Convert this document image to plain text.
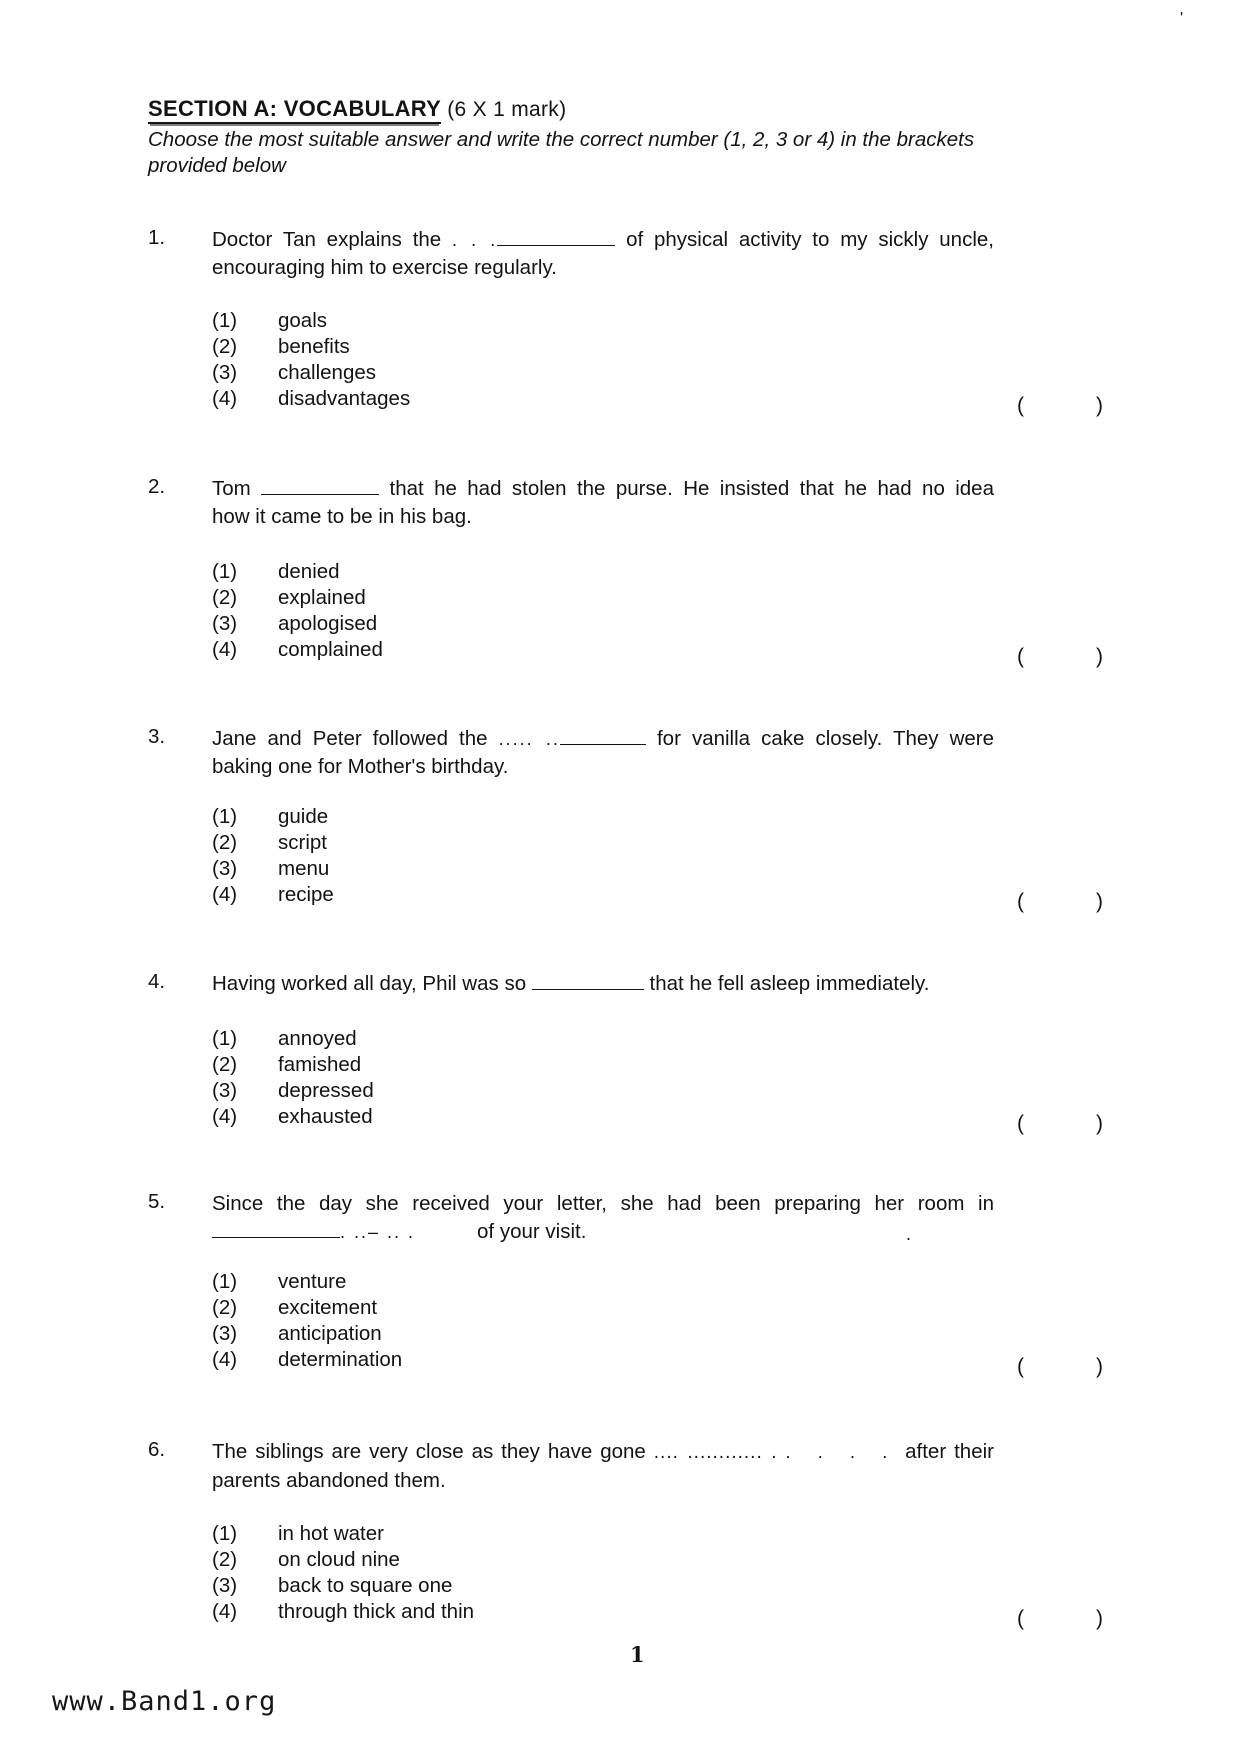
'
SECTION A: VOCABULARY (6 X 1 mark)
Choose the most suitable answer and write the correct number (1, 2, 3 or 4) in the brackets
provided below
1. Doctor Tan explains the . . .	of physical activity to my sickly uncle,
encouraging him to exercise regularly.
(1)	goals
(2)	benefits
(3)	challenges
(4)	disadvantages	(	)
2. Tom	that he had stolen the purse. He insisted that he had no idea
how it came to be in his bag.
(1)	denied
(2)	explained
(3)	apologised
(4)	complained	(	)
3. Jane and Peter followed the ..... ..	for vanilla cake closely. They were
baking one for Mother's birthday.
(1)	guide
(2)	script
(3)	menu
(4)	recipe	(	)
4. Having worked all day, Phil was so	that he fell asleep immediately.
(1)	annoyed
(2)	famished
(3)	depressed
(4)	exhausted	(	)
5. Since the day she received your letter, she had been preparing her room in
. ..– .. .	of your visit.	.
(1)	venture
(2)	excitement
(3)	anticipation
(4)	determination	(	)
6. The siblings are very close as they have gone .... ............ . . . . . after their
parents abandoned them.
(1)	in hot water
(2)	on cloud nine
(3)	back to square one
(4)	through thick and thin	(	)
1
www.Band1.org
